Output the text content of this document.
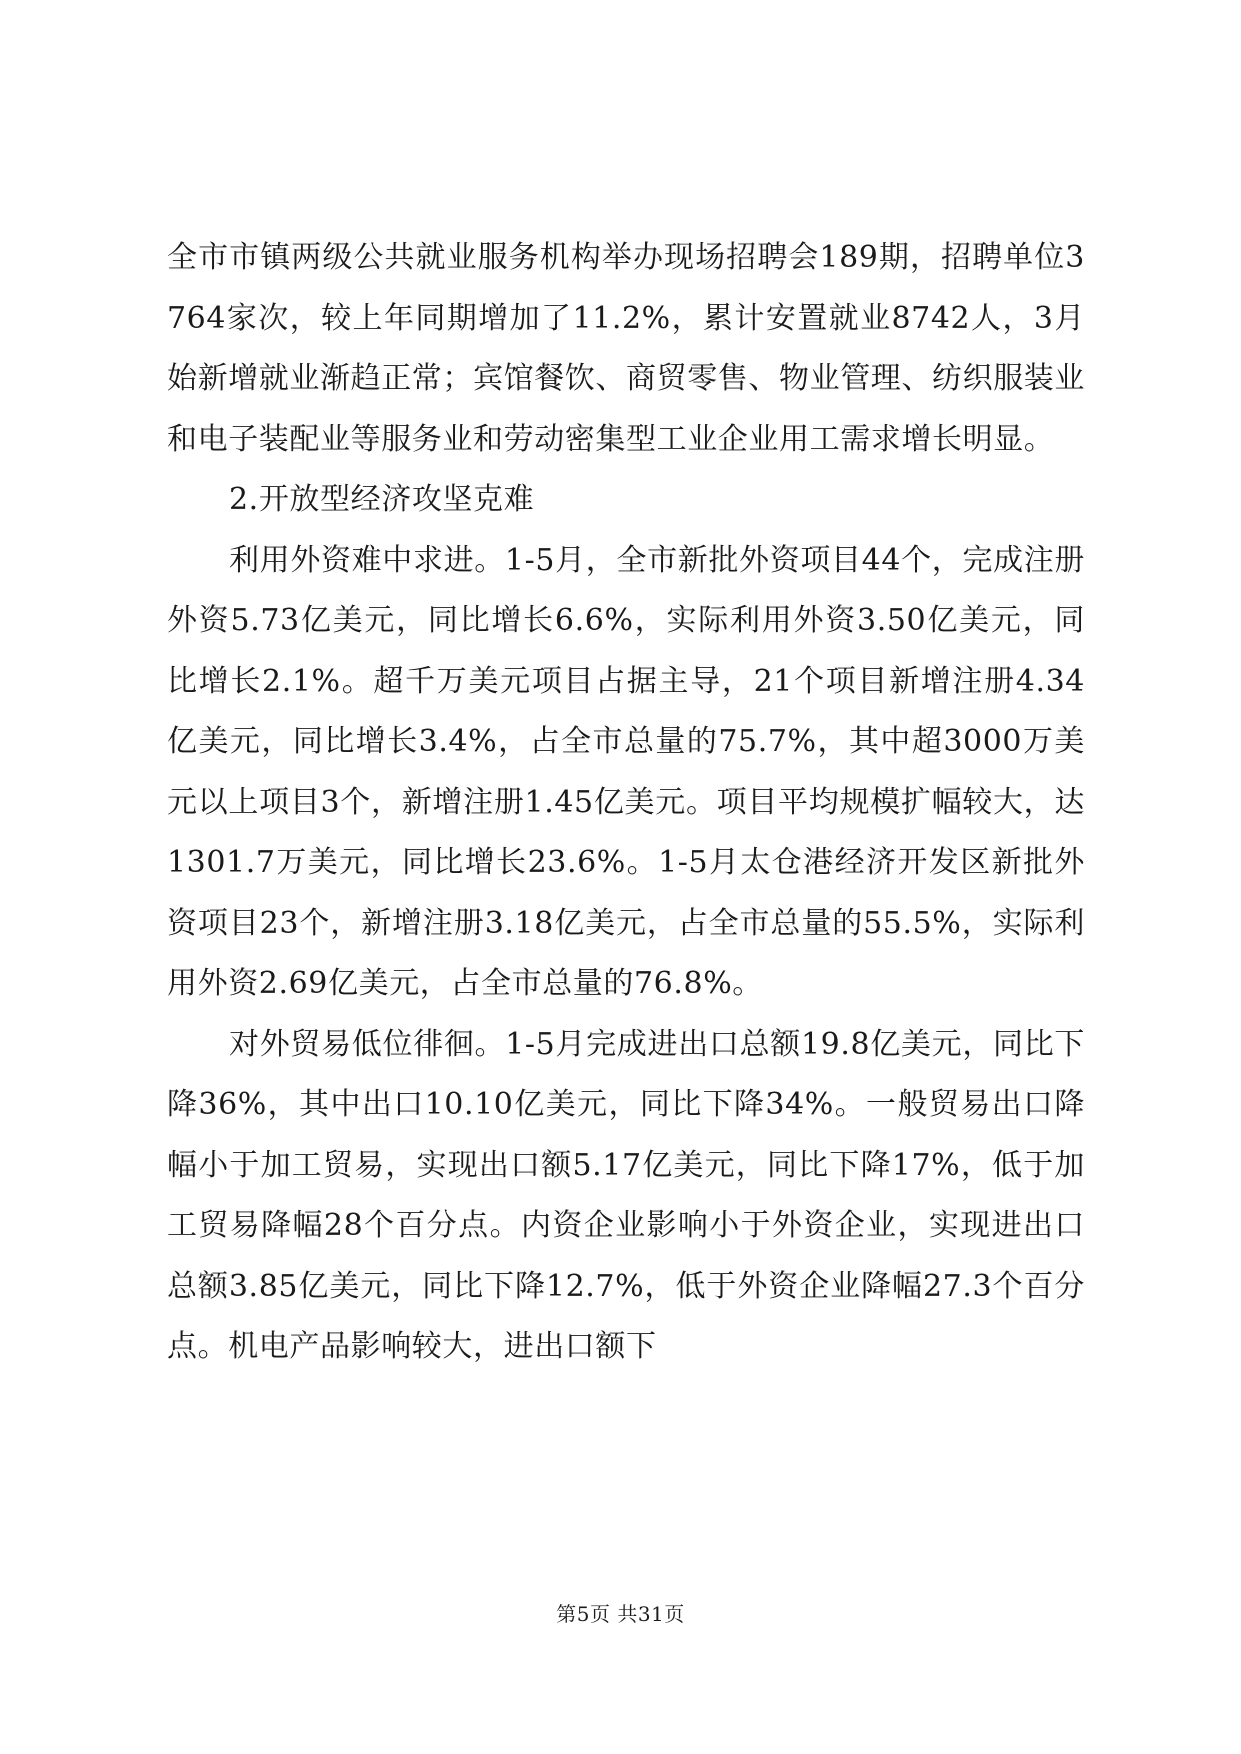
全市市镇两级公共就业服务机构举办现场招聘会189期，招聘单位3764家次，较上年同期增加了11.2%，累计安置就业8742人，3月始新增就业渐趋正常；宾馆餐饮、商贸零售、物业管理、纺织服装业和电子装配业等服务业和劳动密集型工业企业用工需求增长明显。

2.开放型经济攻坚克难

利用外资难中求进。1-5月，全市新批外资项目44个，完成注册外资5.73亿美元，同比增长6.6%，实际利用外资3.50亿美元，同比增长2.1%。超千万美元项目占据主导，21个项目新增注册4.34亿美元，同比增长3.4%，占全市总量的75.7%，其中超3000万美元以上项目3个，新增注册1.45亿美元。项目平均规模扩幅较大，达1301.7万美元，同比增长23.6%。1-5月太仓港经济开发区新批外资项目23个，新增注册3.18亿美元，占全市总量的55.5%，实际利用外资2.69亿美元，占全市总量的76.8%。

对外贸易低位徘徊。1-5月完成进出口总额19.8亿美元，同比下降36%，其中出口10.10亿美元，同比下降34%。一般贸易出口降幅小于加工贸易，实现出口额5.17亿美元，同比下降17%，低于加工贸易降幅28个百分点。内资企业影响小于外资企业，实现进出口总额3.85亿美元，同比下降12.7%，低于外资企业降幅27.3个百分点。机电产品影响较大，进出口额下

第5页 共31页
